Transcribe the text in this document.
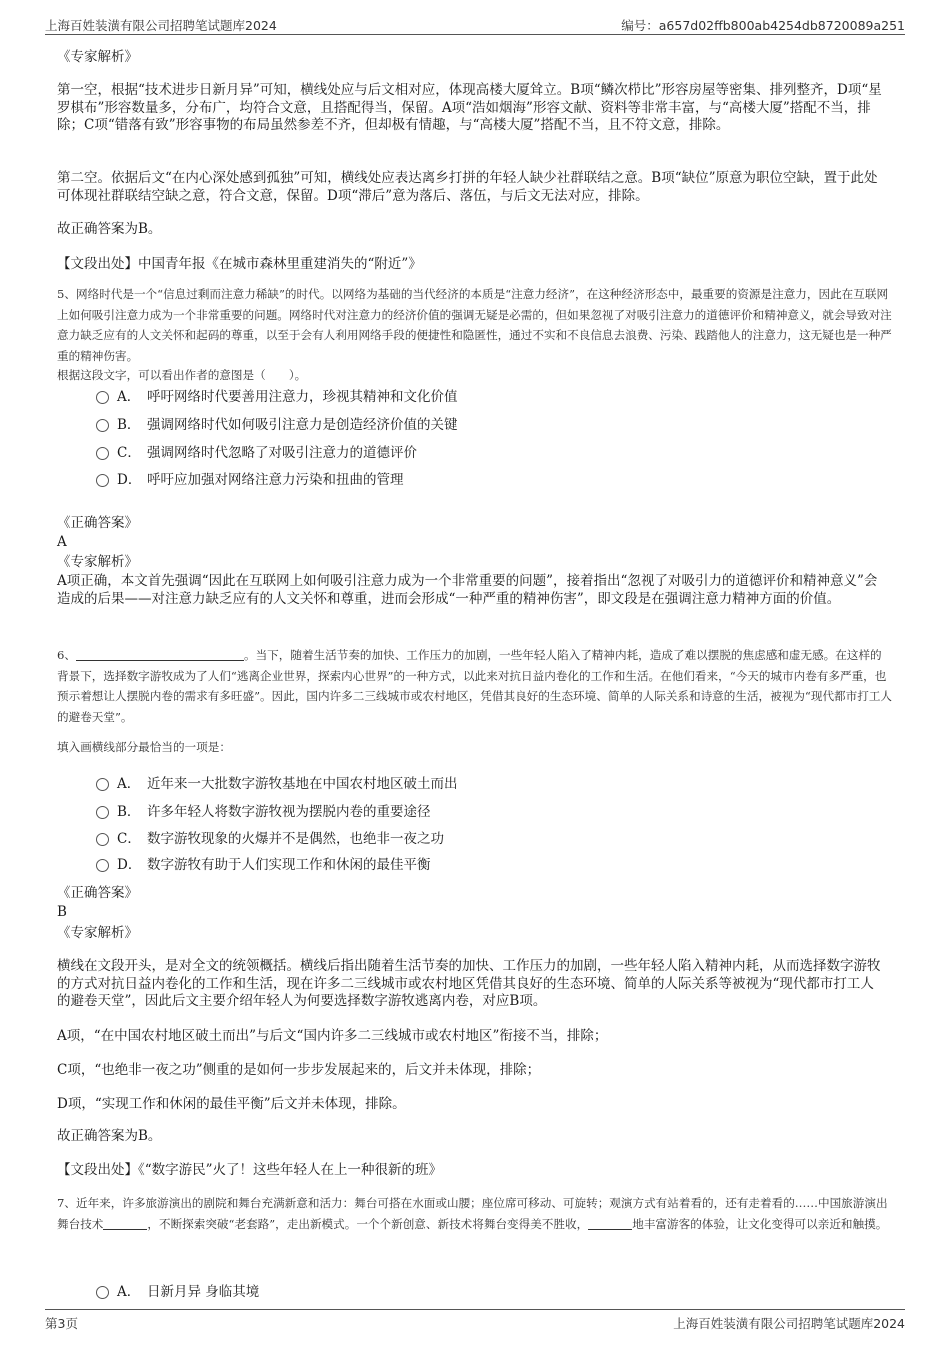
上海百姓装潢有限公司招聘笔试题库2024	编号：a657d02ffb800ab4254db8720089a251

《专家解析》

第一空，根据“技术进步日新月异”可知，横线处应与后文相对应，体现高楼大厦耸立。B项“鳞次栉比”形容房屋等密集、排列整齐，D项“星罗棋布”形容数量多，分布广，均符合文意，且搭配得当，保留。A项“浩如烟海”形容文献、资料等非常丰富，与“高楼大厦”搭配不当，排除；C项“错落有致”形容事物的布局虽然参差不齐，但却极有情趣，与“高楼大厦”搭配不当，且不符文意，排除。

第二空。依据后文“在内心深处感到孤独”可知，横线处应表达离乡打拼的年轻人缺少社群联结之意。B项“缺位”原意为职位空缺，置于此处可体现社群联结空缺之意，符合文意，保留。D项“滞后”意为落后、落伍，与后文无法对应，排除。

故正确答案为B。

【文段出处】中国青年报《在城市森林里重建消失的“附近”》

5、网络时代是一个“信息过剩而注意力稀缺”的时代。以网络为基础的当代经济的本质是“注意力经济”，在这种经济形态中，最重要的资源是注意力，因此在互联网上如何吸引注意力成为一个非常重要的问题。网络时代对注意力的经济价值的强调无疑是必需的，但如果忽视了对吸引注意力的道德评价和精神意义，就会导致对注意力缺乏应有的人文关怀和起码的尊重，以至于会有人利用网络手段的便捷性和隐匿性，通过不实和不良信息去浪费、污染、践踏他人的注意力，这无疑也是一种严重的精神伤害。

根据这段文字，可以看出作者的意图是（　　）。

A． 呼吁网络时代要善用注意力，珍视其精神和文化价值
B． 强调网络时代如何吸引注意力是创造经济价值的关键
C． 强调网络时代忽略了对吸引注意力的道德评价
D． 呼吁应加强对网络注意力污染和扭曲的管理

《正确答案》

A

《专家解析》

A项正确，本文首先强调“因此在互联网上如何吸引注意力成为一个非常重要的问题”，接着指出“忽视了对吸引力的道德评价和精神意义”会造成的后果——对注意力缺乏应有的人文关怀和尊重，进而会形成“一种严重的精神伤害”，即文段是在强调注意力精神方面的价值。

6、	。当下，随着生活节奏的加快、工作压力的加剧，一些年轻人陷入了精神内耗，造成了难以摆脱的焦虑感和虚无感。在这样的背景下，选择数字游牧成为了人们“逃离企业世界，探索内心世界”的一种方式，以此来对抗日益内卷化的工作和生活。在他们看来，“今天的城市内卷有多严重，也预示着想让人摆脱内卷的需求有多旺盛”。因此，国内许多二三线城市或农村地区，凭借其良好的生态环境、简单的人际关系和诗意的生活，被视为“现代都市打工人的避卷天堂”。

填入画横线部分最恰当的一项是：

A． 近年来一大批数字游牧基地在中国农村地区破土而出
B． 许多年轻人将数字游牧视为摆脱内卷的重要途径
C． 数字游牧现象的火爆并不是偶然，也绝非一夜之功
D． 数字游牧有助于人们实现工作和休闲的最佳平衡

《正确答案》

B

《专家解析》

横线在文段开头，是对全文的统领概括。横线后指出随着生活节奏的加快、工作压力的加剧，一些年轻人陷入精神内耗，从而选择数字游牧的方式对抗日益内卷化的工作和生活，现在许多二三线城市或农村地区凭借其良好的生态环境、简单的人际关系等被视为“现代都市打工人的避卷天堂”，因此后文主要介绍年轻人为何要选择数字游牧逃离内卷，对应B项。

A项，“在中国农村地区破土而出”与后文“国内许多二三线城市或农村地区”衔接不当，排除；

C项，“也绝非一夜之功”侧重的是如何一步步发展起来的，后文并未体现，排除；

D项，“实现工作和休闲的最佳平衡”后文并未体现，排除。

故正确答案为B。

【文段出处】《“数字游民”火了！这些年轻人在上一种很新的班》

7、近年来，许多旅游演出的剧院和舞台充满新意和活力：舞台可搭在水面或山腰；座位席可移动、可旋转；观演方式有站着看的，还有走着看的……中国旅游演出舞台技术	，不断探索突破“老套路”，走出新模式。一个个新创意、新技术将舞台变得美不胜收，	地丰富游客的体验，让文化变得可以亲近和触摸。

A． 日新月异 身临其境
第3页	上海百姓装潢有限公司招聘笔试题库2024
